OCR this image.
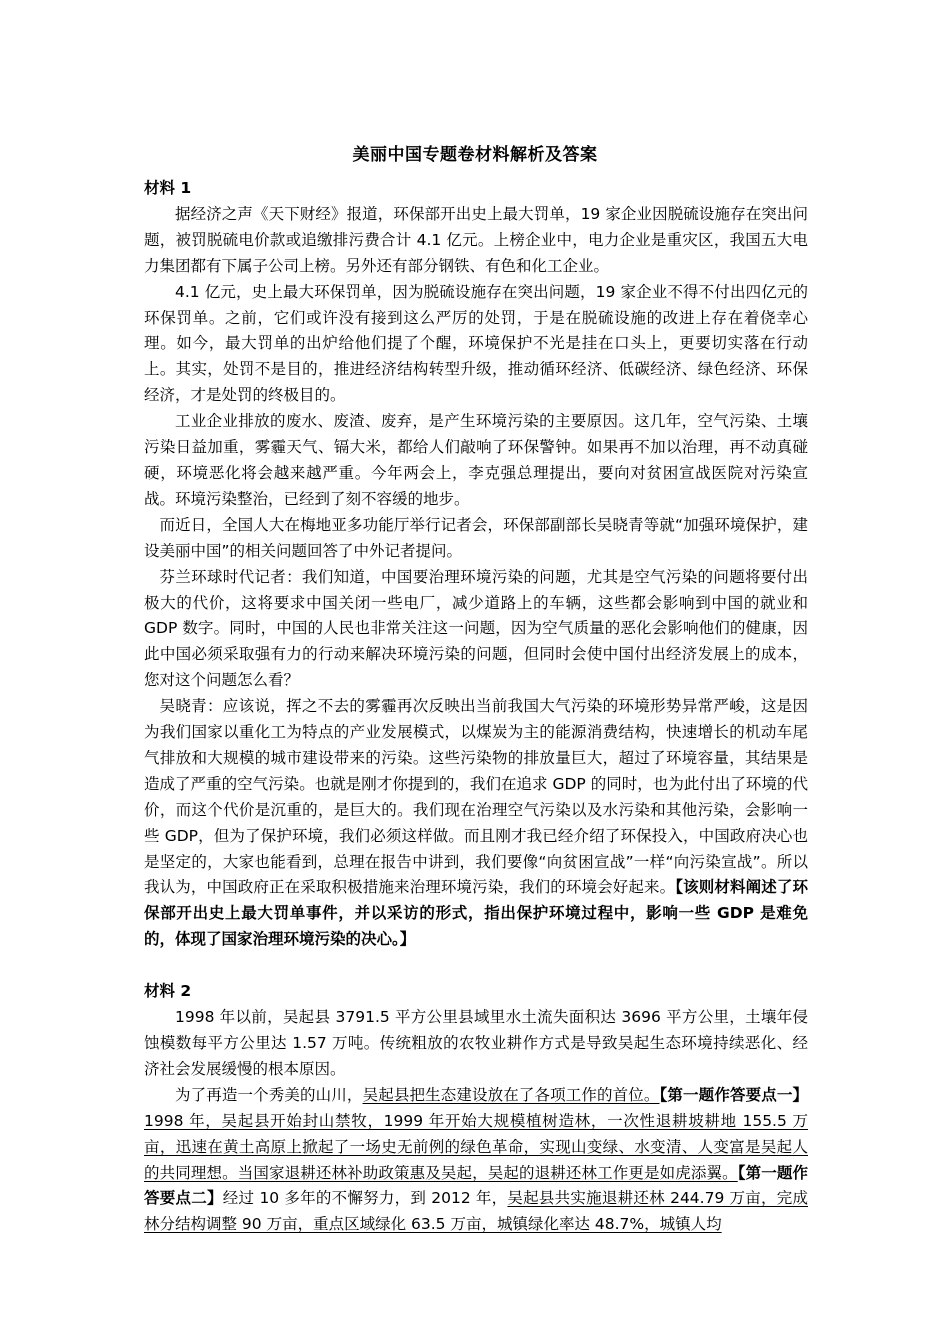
美丽中国专题卷材料解析及答案

材料 1

据经济之声《天下财经》报道，环保部开出史上最大罚单，19 家企业因脱硫设施存在突出问题，被罚脱硫电价款或追缴排污费合计 4.1 亿元。上榜企业中，电力企业是重灾区，我国五大电力集团都有下属子公司上榜。另外还有部分钢铁、有色和化工企业。

4.1 亿元，史上最大环保罚单，因为脱硫设施存在突出问题，19 家企业不得不付出四亿元的环保罚单。之前，它们或许没有接到这么严厉的处罚，于是在脱硫设施的改进上存在着侥幸心理。如今，最大罚单的出炉给他们提了个醒，环境保护不光是挂在口头上，更要切实落在行动上。其实，处罚不是目的，推进经济结构转型升级，推动循环经济、低碳经济、绿色经济、环保经济，才是处罚的终极目的。

工业企业排放的废水、废渣、废弃，是产生环境污染的主要原因。这几年，空气污染、土壤污染日益加重，雾霾天气、镉大米，都给人们敲响了环保警钟。如果再不加以治理，再不动真碰硬，环境恶化将会越来越严重。今年两会上，李克强总理提出，要向对贫困宣战医院对污染宣战。环境污染整治，已经到了刻不容缓的地步。

而近日，全国人大在梅地亚多功能厅举行记者会，环保部副部长吴晓青等就“加强环境保护，建设美丽中国”的相关问题回答了中外记者提问。

芬兰环球时代记者：我们知道，中国要治理环境污染的问题，尤其是空气污染的问题将要付出极大的代价，这将要求中国关闭一些电厂，减少道路上的车辆，这些都会影响到中国的就业和 GDP 数字。同时，中国的人民也非常关注这一问题，因为空气质量的恶化会影响他们的健康，因此中国必须采取强有力的行动来解决环境污染的问题，但同时会使中国付出经济发展上的成本，您对这个问题怎么看？

吴晓青：应该说，挥之不去的雾霾再次反映出当前我国大气污染的环境形势异常严峻，这是因为我们国家以重化工为特点的产业发展模式，以煤炭为主的能源消费结构，快速增长的机动车尾气排放和大规模的城市建设带来的污染。这些污染物的排放量巨大，超过了环境容量，其结果是造成了严重的空气污染。也就是刚才你提到的，我们在追求 GDP 的同时，也为此付出了环境的代价，而这个代价是沉重的，是巨大的。我们现在治理空气污染以及水污染和其他污染，会影响一些 GDP，但为了保护环境，我们必须这样做。而且刚才我已经介绍了环保投入，中国政府决心也是坚定的，大家也能看到，总理在报告中讲到，我们要像“向贫困宣战”一样“向污染宣战”。所以我认为，中国政府正在采取积极措施来治理环境污染，我们的环境会好起来。【该则材料阐述了环保部开出史上最大罚单事件，并以采访的形式，指出保护环境过程中，影响一些 GDP 是难免的，体现了国家治理环境污染的决心。】

材料 2

1998 年以前，吴起县 3791.5 平方公里县域里水土流失面积达 3696 平方公里，土壤年侵蚀模数每平方公里达 1.57 万吨。传统粗放的农牧业耕作方式是导致吴起生态环境持续恶化、经济社会发展缓慢的根本原因。

为了再造一个秀美的山川，吴起县把生态建设放在了各项工作的首位。【第一题作答要点一】1998 年，吴起县开始封山禁牧，1999 年开始大规模植树造林，一次性退耕坡耕地 155.5 万亩，迅速在黄土高原上掀起了一场史无前例的绿色革命，实现山变绿、水变清、人变富是吴起人的共同理想。当国家退耕还林补助政策惠及吴起，吴起的退耕还林工作更是如虎添翼。【第一题作答要点二】经过 10 多年的不懈努力，到 2012 年，吴起县共实施退耕还林 244.79 万亩，完成林分结构调整 90 万亩，重点区域绿化 63.5 万亩，城镇绿化率达 48.7%，城镇人均
